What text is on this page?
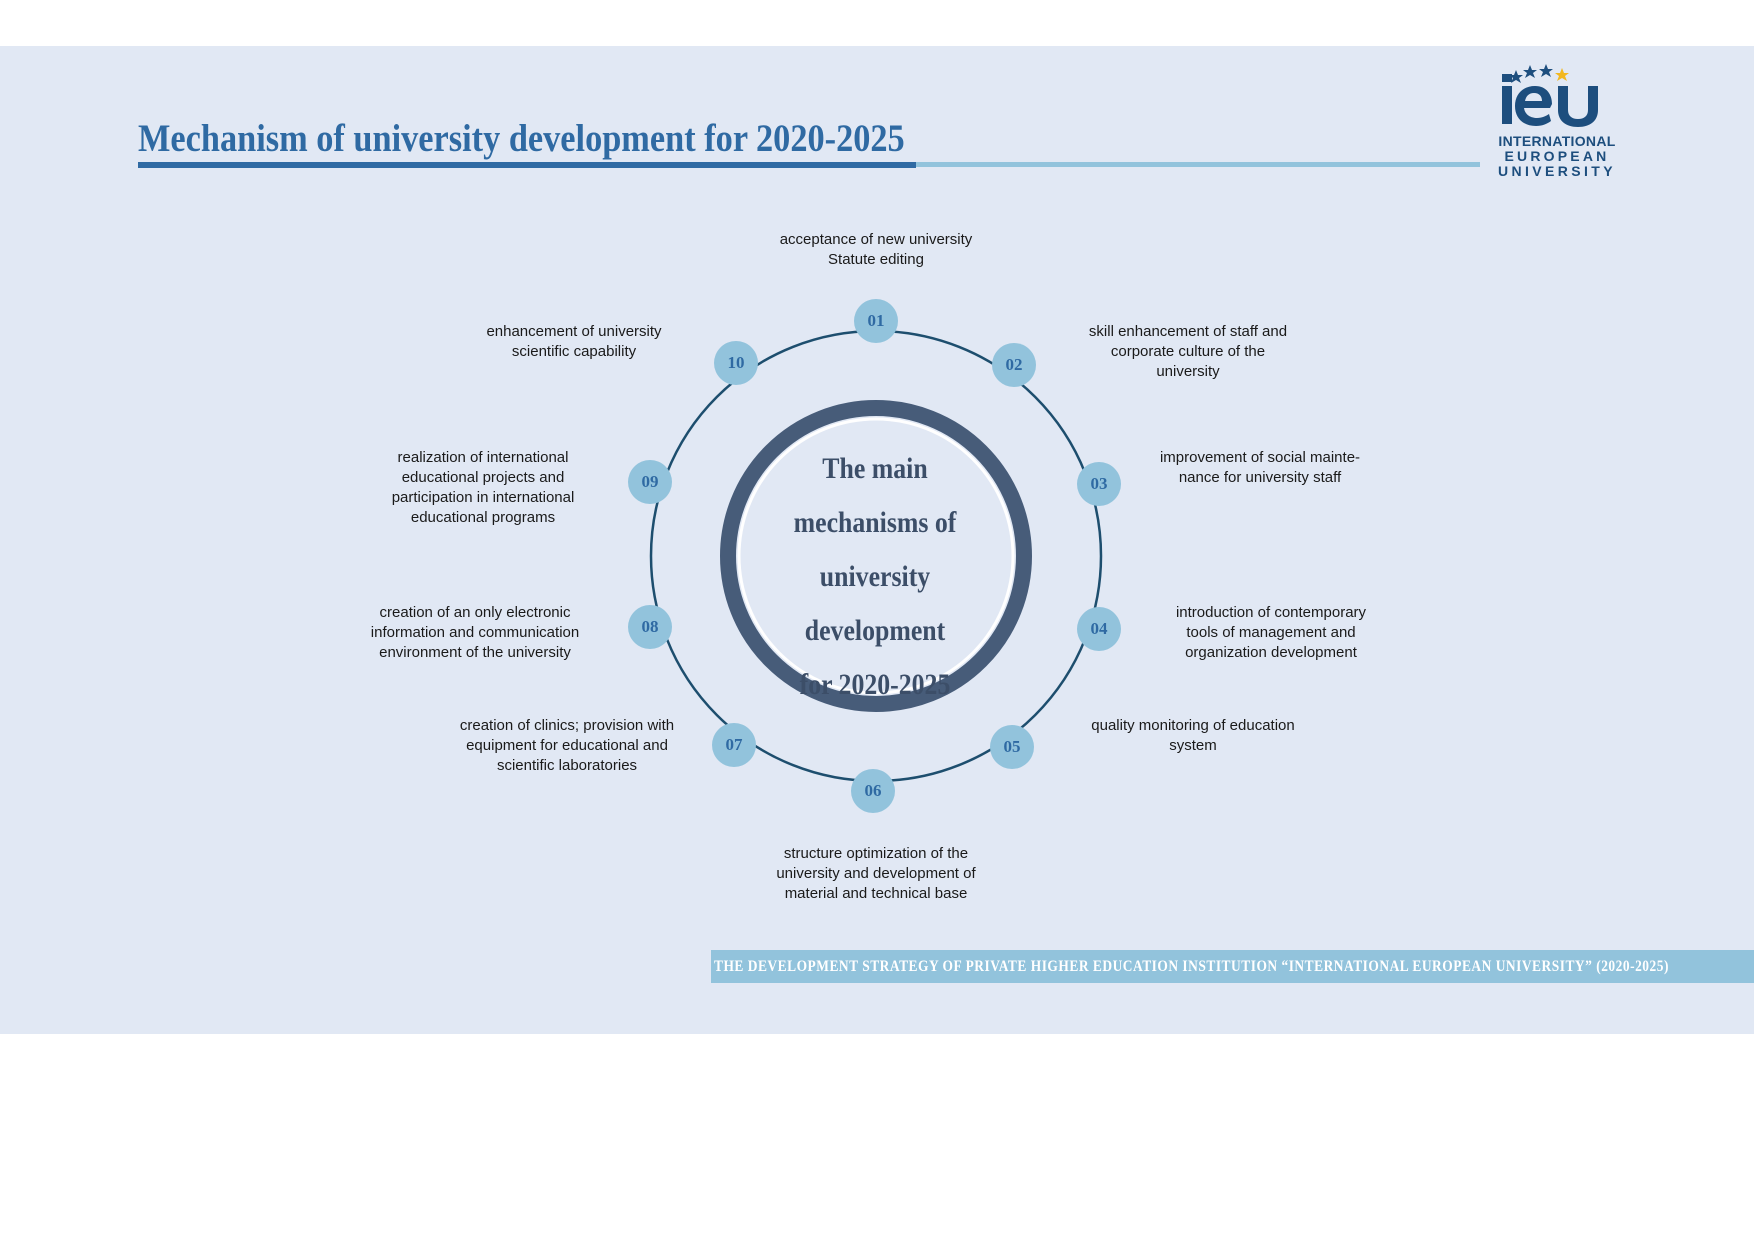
Mechanism of university development for 2020-2025	INTERNATIONAL
EUROPEAN
UNIVERSITY
The main
mechanisms of
university development
for 2020-2025
01
02
03
04
05
06
07
08
09
10
acceptance of new university
Statute editing
skill enhancement of staff and
corporate culture of the
university
improvement of social mainte-
nance for university staff
introduction of contemporary
tools of management and
organization development
quality monitoring of education
system
structure optimization of the
university and development of
material and technical base
creation of clinics; provision with
equipment for educational and
scientific laboratories
creation of an only electronic
information and communication
environment of the university
realization of international
educational projects and
participation in international
educational programs
enhancement of university
scientific capability
THE DEVELOPMENT STRATEGY OF PRIVATE HIGHER EDUCATION INSTITUTION “INTERNATIONAL EUROPEAN UNIVERSITY” (2020-2025)
